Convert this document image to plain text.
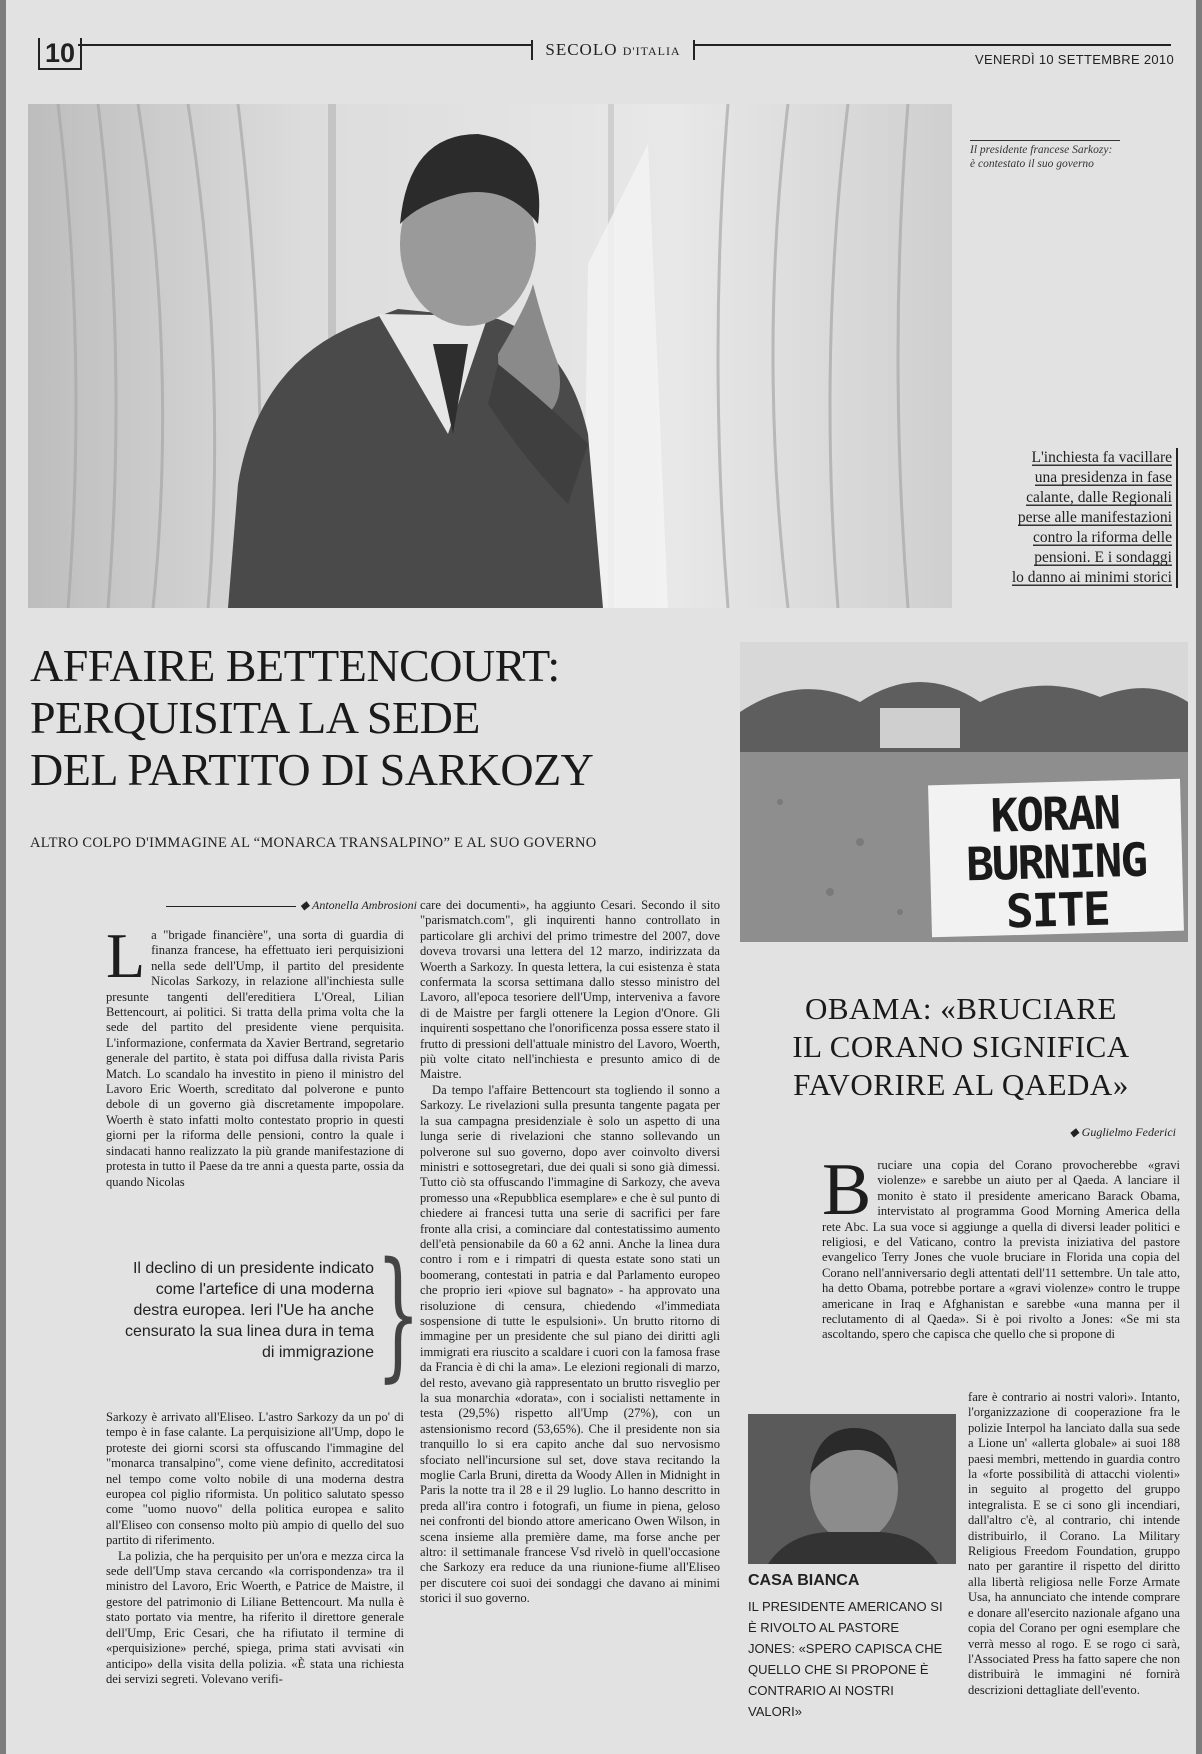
10	SECOLO D'ITALIA
VENERDÌ 10 SETTEMBRE 2010
Il presidente francese Sarkozy: è contestato il suo governo
L'inchiesta fa vacillare
una presidenza in fase
calante, dalle Regionali
perse alle manifestazioni
contro la riforma delle
pensioni. E i sondaggi
lo danno ai minimi storici
AFFAIRE BETTENCOURT:
PERQUISITA LA SEDE
DEL PARTITO DI SARKOZY
ALTRO COLPO D'IMMAGINE AL “MONARCA TRANSALPINO” E AL SUO GOVERNO
◆ Antonella Ambrosioni

La "brigade financière", una sorta di guardia di finanza francese, ha effettuato ieri perquisizioni nella sede dell'Ump, il partito del presidente Nicolas Sarkozy, in relazione all'inchiesta sulle presunte tangenti dell'ereditiera L'Oreal, Lilian Bettencourt, ai politici. Si tratta della prima volta che la sede del partito del presidente viene perquisita. L'informazione, confermata da Xavier Bertrand, segretario generale del partito, è stata poi diffusa dalla rivista Paris Match. Lo scandalo ha investito in pieno il ministro del Lavoro Eric Woerth, screditato dal polverone e punto debole di un governo già discretamente impopolare. Woerth è stato infatti molto contestato proprio in questi giorni per la riforma delle pensioni, contro la quale i sindacati hanno realizzato la più grande manifestazione di protesta in tutto il Paese da tre anni a questa parte, ossia da quando Nicolas

Il declino di un presidente indicato come l'artefice di una moderna destra europea. Ieri l'Ue ha anche censurato la sua linea dura in tema di immigrazione }

Sarkozy è arrivato all'Eliseo. L'astro Sarkozy da un po' di tempo è in fase calante. La perquisizione all'Ump, dopo le proteste dei giorni scorsi sta offuscando l'immagine del "monarca transalpino", come viene definito, accreditatosi nel tempo come volto nobile di una moderna destra europea col piglio riformista. Un politico salutato spesso come "uomo nuovo" della politica europea e salito all'Eliseo con consenso molto più ampio di quello del suo partito di riferimento.

La polizia, che ha perquisito per un'ora e mezza circa la sede dell'Ump stava cercando «la corrispondenza» tra il ministro del Lavoro, Eric Woerth, e Patrice de Maistre, il gestore del patrimonio di Liliane Bettencourt. Ma nulla è stato portato via mentre, ha riferito il direttore generale dell'Ump, Eric Cesari, che ha rifiutato il termine di «perquisizione» perché, spiega, prima stati avvisati «in anticipo» della visita della polizia. «È stata una richiesta dei servizi segreti. Volevano verifi-

care dei documenti», ha aggiunto Cesari. Secondo il sito "parismatch.com", gli inquirenti hanno controllato in particolare gli archivi del primo trimestre del 2007, dove doveva trovarsi una lettera del 12 marzo, indirizzata da Woerth a Sarkozy. In questa lettera, la cui esistenza è stata confermata la scorsa settimana dallo stesso ministro del Lavoro, all'epoca tesoriere dell'Ump, interveniva a favore di de Maistre per fargli ottenere la Legion d'Onore. Gli inquirenti sospettano che l'onorificenza possa essere stato il frutto di pressioni dell'attuale ministro del Lavoro, Woerth, più volte citato nell'inchiesta e presunto amico di de Maistre.

Da tempo l'affaire Bettencourt sta togliendo il sonno a Sarkozy. Le rivelazioni sulla presunta tangente pagata per la sua campagna presidenziale è solo un aspetto di una lunga serie di rivelazioni che stanno sollevando un polverone sul suo governo, dopo aver coinvolto diversi ministri e sottosegretari, due dei quali si sono già dimessi. Tutto ciò sta offuscando l'immagine di Sarkozy, che aveva promesso una «Repubblica esemplare» e che è sul punto di chiedere ai francesi tutta una serie di sacrifici per fare fronte alla crisi, a cominciare dal contestatissimo aumento dell'età pensionabile da 60 a 62 anni. Anche la linea dura contro i rom e i rimpatri di questa estate sono stati un boomerang, contestati in patria e dal Parlamento europeo che proprio ieri «piove sul bagnato» - ha approvato una risoluzione di censura, chiedendo «l'immediata sospensione di tutte le espulsioni». Un brutto ritorno di immagine per un presidente che sul piano dei diritti agli immigrati era riuscito a scaldare i cuori con la famosa frase da Francia è di chi la ama». Le elezioni regionali di marzo, del resto, avevano già rappresentato un brutto risveglio per la sua monarchia «dorata», con i socialisti nettamente in testa (29,5%) rispetto all'Ump (27%), con un astensionismo record (53,65%). Che il presidente non sia tranquillo lo si era capito anche dal suo nervosismo sfociato nell'incursione sul set, dove stava recitando la moglie Carla Bruni, diretta da Woody Allen in Midnight in Paris la notte tra il 28 e il 29 luglio. Lo hanno descritto in preda all'ira contro i fotografi, un fiume in piena, geloso nei confronti del biondo attore americano Owen Wilson, in scena insieme alla première dame, ma forse anche per altro: il settimanale francese Vsd rivelò in quell'occasione che Sarkozy era reduce da una riunione-fiume all'Eliseo per discutere coi suoi dei sondaggi che davano ai minimi storici il suo governo.

KORAN
BURNING
SITE
OBAMA: «BRUCIARE
IL CORANO SIGNIFICA
FAVORIRE AL QAEDA»
◆ Guglielmo Federici

Bruciare una copia del Corano provocherebbe «gravi violenze» e sarebbe un aiuto per al Qaeda. A lanciare il monito è stato il presidente americano Barack Obama, intervistato al programma Good Morning America della rete Abc. La sua voce si aggiunge a quella di diversi leader politici e religiosi, e del Vaticano, contro la prevista iniziativa del pastore evangelico Terry Jones che vuole bruciare in Florida una copia del Corano nell'anniversario degli attentati dell'11 settembre. Un tale atto, ha detto Obama, potrebbe portare a «gravi violenze» contro le truppe americane in Iraq e Afghanistan e sarebbe «una manna per il reclutamento di al Qaeda». Si è poi rivolto a Jones: «Se mi sta ascoltando, spero che capisca che quello che si propone di

fare è contrario ai nostri valori». Intanto, l'organizzazione di cooperazione fra le polizie Interpol ha lanciato dalla sua sede a Lione un' «allerta globale» ai suoi 188 paesi membri, mettendo in guardia contro la «forte possibilità di attacchi violenti» in seguito al progetto del gruppo integralista. E se ci sono gli incendiari, dall'altro c'è, al contrario, chi intende distribuirlo, il Corano. La Military Religious Freedom Foundation, gruppo nato per garantire il rispetto del diritto alla libertà religiosa nelle Forze Armate Usa, ha annunciato che intende comprare e donare all'esercito nazionale afgano una copia del Corano per ogni esemplare che verrà messo al rogo. E se rogo ci sarà, l'Associated Press ha fatto sapere che non distribuirà le immagini né fornirà descrizioni dettagliate dell'evento.

CASA BIANCA
IL PRESIDENTE AMERICANO SI È RIVOLTO AL PASTORE JONES: «SPERO CAPISCA CHE QUELLO CHE SI PROPONE È CONTRARIO AI NOSTRI VALORI»
